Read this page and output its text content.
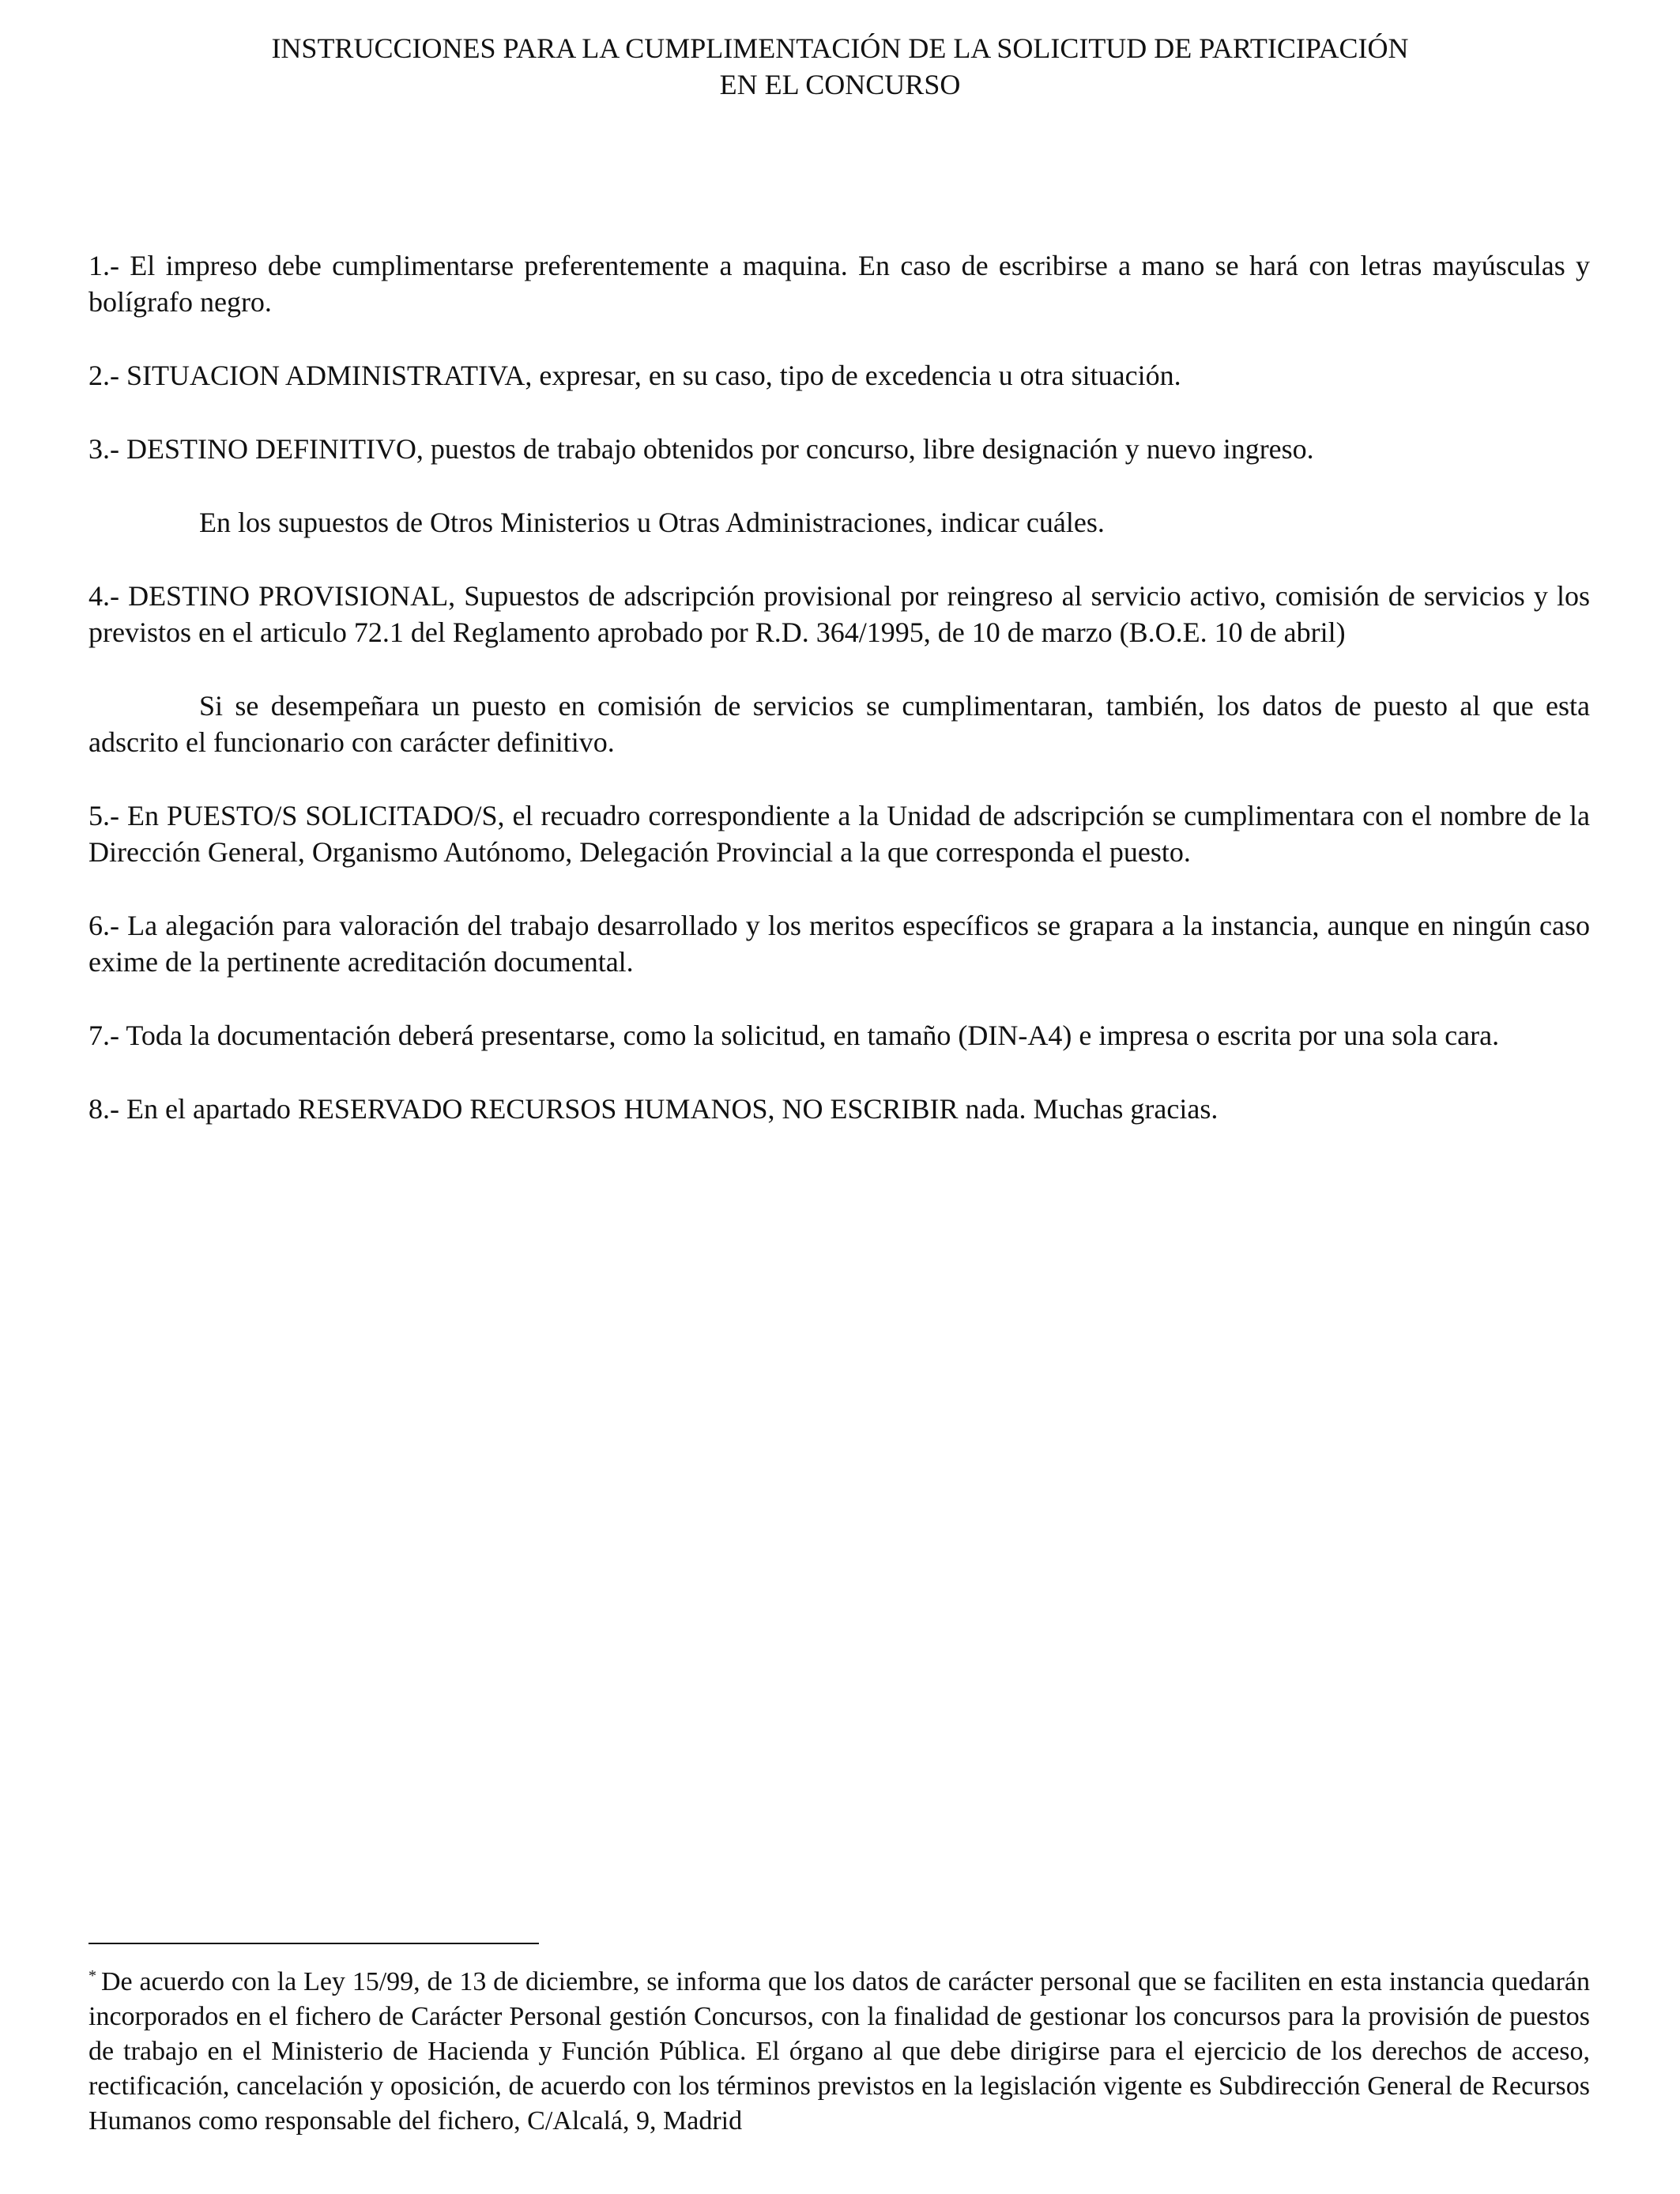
INSTRUCCIONES PARA LA CUMPLIMENTACIÓN DE LA SOLICITUD DE PARTICIPACIÓN
EN EL CONCURSO

1.- El impreso debe cumplimentarse preferentemente a maquina. En caso de escribirse a mano se hará con letras mayúsculas y bolígrafo negro.

2.- SITUACION ADMINISTRATIVA, expresar, en su caso, tipo de excedencia u otra situación.

3.- DESTINO DEFINITIVO, puestos de trabajo obtenidos por concurso, libre designación y nuevo ingreso.

En los supuestos de Otros Ministerios u Otras Administraciones, indicar cuáles.

4.- DESTINO PROVISIONAL, Supuestos de adscripción provisional por reingreso al servicio activo, comisión de servicios y los previstos en el articulo 72.1 del Reglamento aprobado por R.D. 364/1995, de 10 de marzo (B.O.E. 10 de abril)

Si se desempeñara un puesto en comisión de servicios se cumplimentaran, también, los datos de puesto al que esta adscrito el funcionario con carácter definitivo.

5.- En PUESTO/S SOLICITADO/S, el recuadro correspondiente a la Unidad de adscripción se cumplimentara con el nombre de la Dirección General, Organismo Autónomo, Delegación Provincial a la que corresponda el puesto.

6.- La alegación para valoración del trabajo desarrollado y los meritos específicos se grapara a la instancia, aunque en ningún caso exime de la pertinente acreditación documental.

7.- Toda la documentación deberá presentarse, como la solicitud, en tamaño (DIN-A4) e impresa o escrita por una sola cara.

8.- En el apartado RESERVADO RECURSOS HUMANOS, NO ESCRIBIR nada. Muchas gracias.

* De acuerdo con la Ley 15/99, de 13 de diciembre, se informa que los datos de carácter personal que se faciliten en esta instancia quedarán incorporados en el fichero de Carácter Personal gestión Concursos, con la finalidad de gestionar los concursos para la provisión de puestos de trabajo en el Ministerio de Hacienda y Función Pública. El órgano al que debe dirigirse para el ejercicio de los derechos de acceso, rectificación, cancelación y oposición, de acuerdo con los términos previstos en la legislación vigente es Subdirección General de Recursos Humanos como responsable del fichero, C/Alcalá, 9, Madrid
